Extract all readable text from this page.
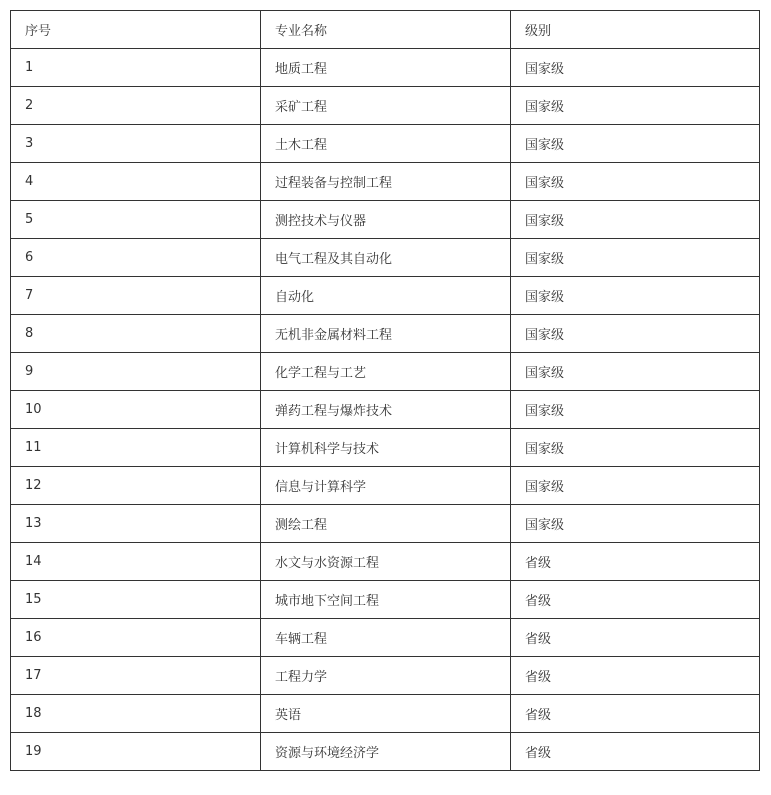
序号	专业名称	级别
1	地质工程	国家级
2	采矿工程	国家级
3	土木工程	国家级
4	过程装备与控制工程	国家级
5	测控技术与仪器	国家级
6	电气工程及其自动化	国家级
7	自动化	国家级
8	无机非金属材料工程	国家级
9	化学工程与工艺	国家级
10	弹药工程与爆炸技术	国家级
11	计算机科学与技术	国家级
12	信息与计算科学	国家级
13	测绘工程	国家级
14	水文与水资源工程	省级
15	城市地下空间工程	省级
16	车辆工程	省级
17	工程力学	省级
18	英语	省级
19	资源与环境经济学	省级
